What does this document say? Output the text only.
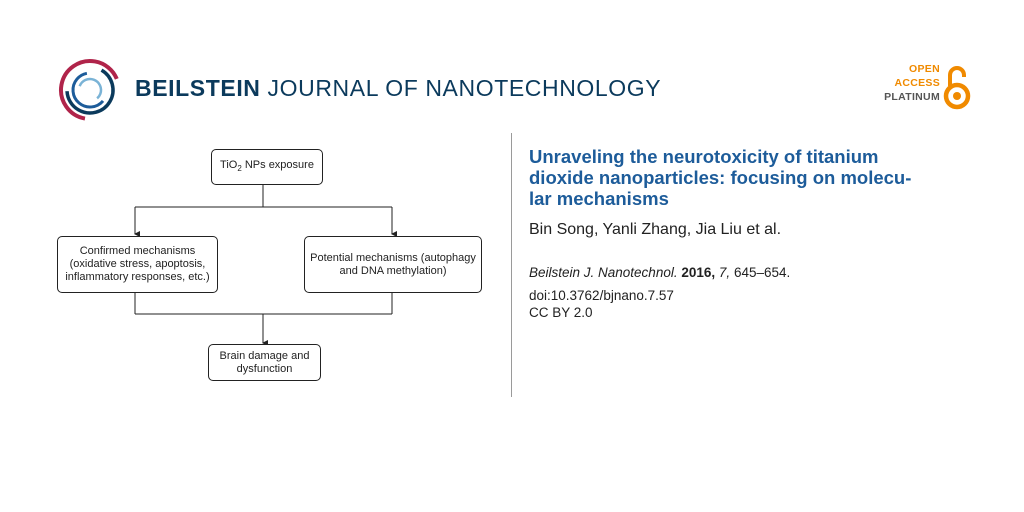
BEILSTEIN JOURNAL OF NANOTECHNOLOGY
OPEN
ACCESS
PLATINUM
TiO$_2$ NPs exposure
Confirmed mechanisms
(oxidative stress, apoptosis,
inflammatory responses, etc.)
Potential mechanisms (autophagy
and DNA methylation)
Brain damage and
dysfunction
Unraveling the neurotoxicity of titanium
dioxide nanoparticles: focusing on molecu-
lar mechanisms
Bin Song, Yanli Zhang, Jia Liu et al.
Beilstein J. Nanotechnol. 2016, 7, 645–654.
doi:10.3762/bjnano.7.57
CC BY 2.0
